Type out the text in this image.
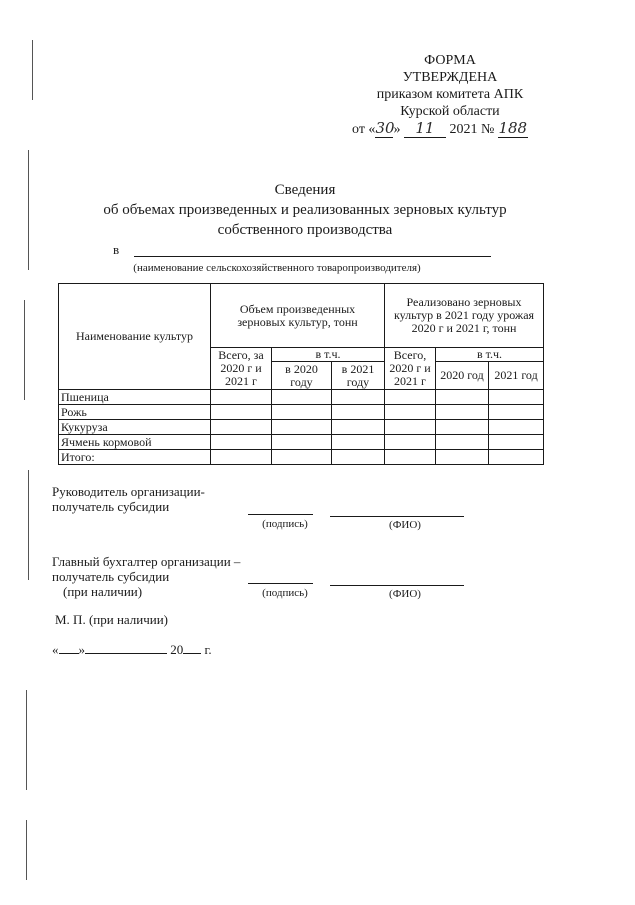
ФОРМА
УТВЕРЖДЕНА
приказом комитета АПК
Курской области
от «30» 11 2021 № 188
Сведения
об объемах произведенных и реализованных зерновых культур
собственного производства
в
(наименование сельскохозяйственного товаропроизводителя)
Наименование культур	Объем произведенных зерновых культур, тонн			Реализовано зерновых культур в 2021 году урожая 2020 г и 2021 г, тонн		
	Всего, за 2020 г и 2021 г	в т.ч.		Всего, 2020 г и 2021 г	в т.ч.	
		в 2020 году	в 2021 году		2020 год	2021 год
Пшеница						
Рожь						
Кукуруза						
Ячмень кормовой						
Итого:						
Руководитель организации-
получатель субсидии
(подпись)	(ФИО)
Главный бухгалтер организации –
получатель субсидии
(при наличии)	(подпись)	(ФИО)
М. П. (при наличии)
« »	20 г.
